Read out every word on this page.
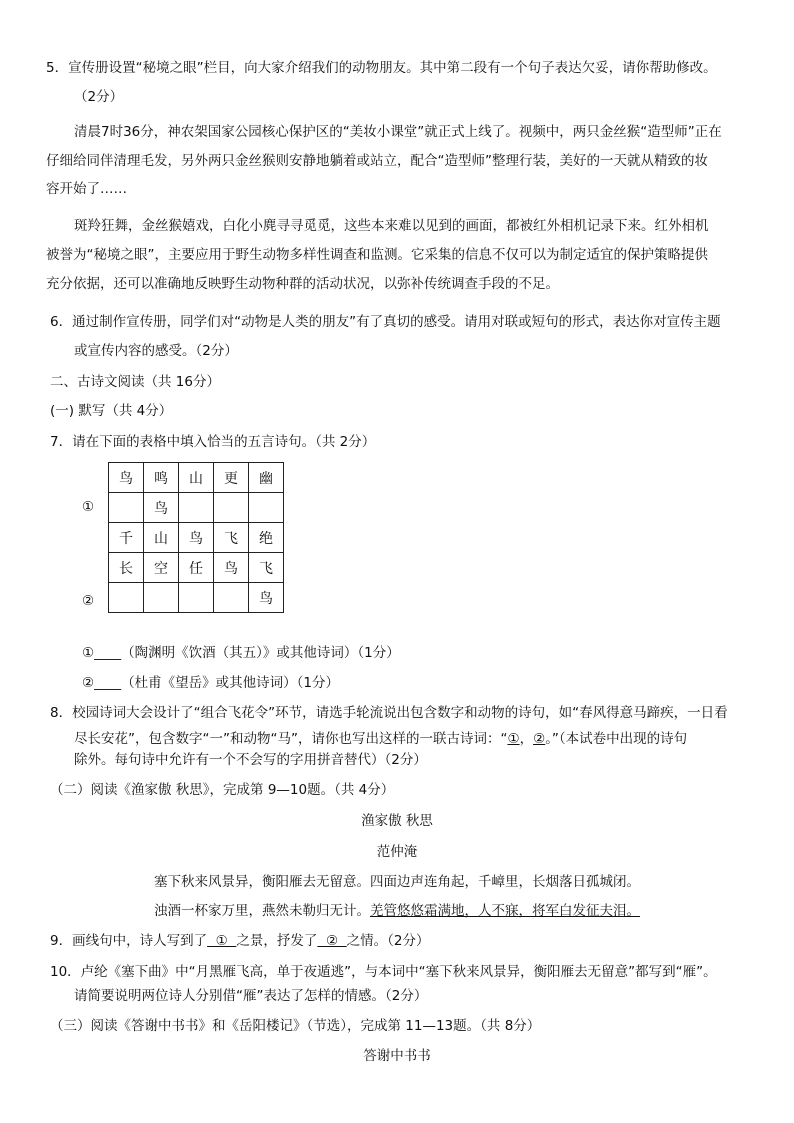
5．宣传册设置“秘境之眼”栏目，向大家介绍我们的动物朋友。其中第二段有一个句子表达欠妥，请你帮助修改。
（2分）
清晨7时36分，神农架国家公园核心保护区的“美妆小课堂”就正式上线了。视频中，两只金丝猴“造型师”正在
仔细给同伴清理毛发，另外两只金丝猴则安静地躺着或站立，配合“造型师”整理行装，美好的一天就从精致的妆
容开始了……
斑羚狂舞，金丝猴嬉戏，白化小麂寻寻觅觅，这些本来难以见到的画面，都被红外相机记录下来。红外相机
被誉为“秘境之眼”，主要应用于野生动物多样性调查和监测。它采集的信息不仅可以为制定适宜的保护策略提供
充分依据，还可以准确地反映野生动物种群的活动状况，以弥补传统调查手段的不足。
6．通过制作宣传册，同学们对“动物是人类的朋友”有了真切的感受。请用对联或短句的形式，表达你对宣传主题
或宣传内容的感受。（2分）
二、古诗文阅读（共 16分）
(一) 默写（共 4分）
7．请在下面的表格中填入恰当的五言诗句。（共 2分）
①
②
鸟	鸣	山	更	幽
	鸟			
千	山	鸟	飞	绝
长	空	任	鸟	飞
				鸟
①____（陶渊明《饮酒（其五）》或其他诗词）（1分）
②____（杜甫《望岳》或其他诗词）（1分）
8．校园诗词大会设计了“组合飞花令”环节，请选手轮流说出包含数字和动物的诗句，如“春风得意马蹄疾，一日看
尽长安花”，包含数字“一”和动物“马”，请你也写出这样的一联古诗词：“①，②。”（本试卷中出现的诗句
除外。每句诗中允许有一个不会写的字用拼音替代）（2分）
（二）阅读《渔家傲 秋思》，完成第 9—10题。（共 4分）
渔家傲 秋思
范仲淹
塞下秋来风景异，衡阳雁去无留意。四面边声连角起，千嶂里，长烟落日孤城闭。
浊酒一杯家万里，燕然未勒归无计。羌管悠悠霜满地，人不寐，将军白发征夫泪。
9．画线句中，诗人写到了  ①  之景，抒发了  ②  之情。（2分）
10．卢纶《塞下曲》中“月黑雁飞高，单于夜遁逃”，与本词中“塞下秋来风景异，衡阳雁去无留意”都写到“雁”。
请简要说明两位诗人分别借“雁”表达了怎样的情感。（2分）
（三）阅读《答谢中书书》和《岳阳楼记》（节选），完成第 11—13题。（共 8分）
答谢中书书
